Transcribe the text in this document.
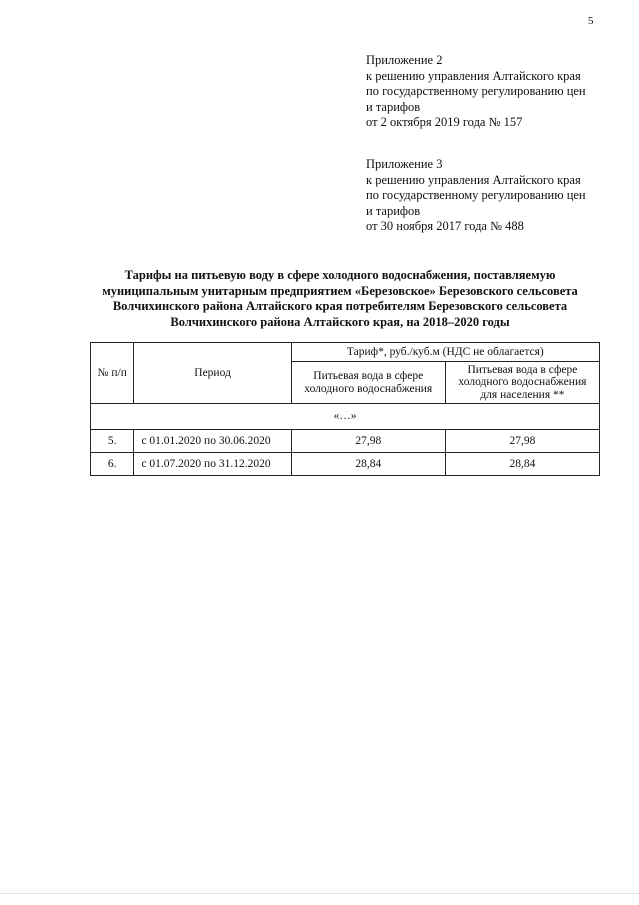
5
Приложение 2
к решению управления Алтайского края
по государственному регулированию цен
и тарифов
от 2 октября 2019 года № 157
Приложение 3
к решению управления Алтайского края
по государственному регулированию цен
и тарифов
от 30 ноября 2017 года № 488
Тарифы на питьевую воду в сфере холодного водоснабжения, поставляемую
муниципальным унитарным предприятием «Березовское» Березовского сельсовета
Волчихинского района Алтайского края потребителям Березовского сельсовета
Волчихинского района Алтайского края, на 2018–2020 годы
№ п/п	Период	Тариф*, руб./куб.м (НДС не облагается)	
		Питьевая вода в сфере холодного водоснабжения	Питьевая вода в сфере холодного водоснабжения для населения **
«…»			
5.	с 01.01.2020 по 30.06.2020	27,98	27,98
6.	с 01.07.2020 по 31.12.2020	28,84	28,84
